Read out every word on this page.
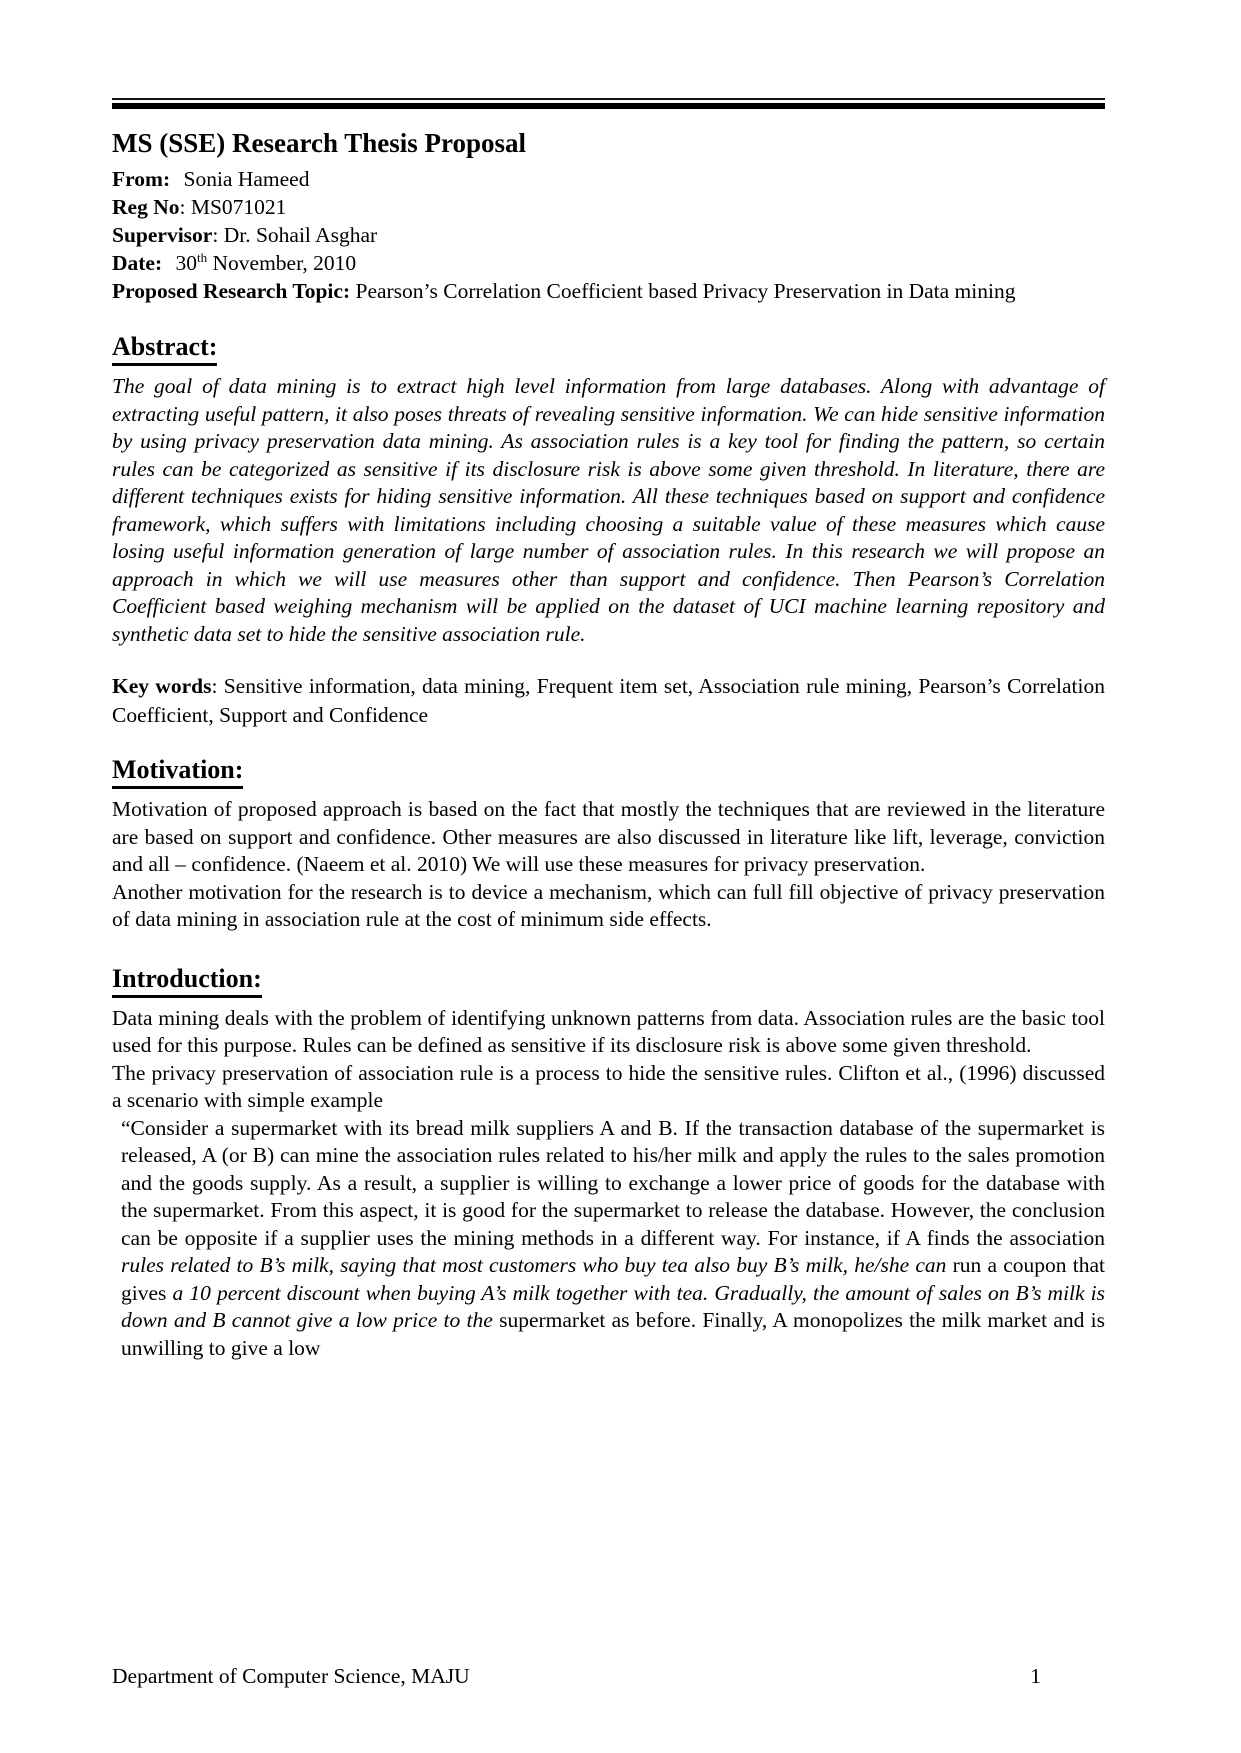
MS (SSE) Research Thesis Proposal
From: Sonia Hameed
Reg No: MS071021
Supervisor: Dr. Sohail Asghar
Date: 30th November, 2010
Proposed Research Topic: Pearson’s Correlation Coefficient based Privacy Preservation in Data mining
Abstract:
The goal of data mining is to extract high level information from large databases. Along with advantage of extracting useful pattern, it also poses threats of revealing sensitive information. We can hide sensitive information by using privacy preservation data mining. As association rules is a key tool for finding the pattern, so certain rules can be categorized as sensitive if its disclosure risk is above some given threshold. In literature, there are different techniques exists for hiding sensitive information. All these techniques based on support and confidence framework, which suffers with limitations including choosing a suitable value of these measures which cause losing useful information generation of large number of association rules. In this research we will propose an approach in which we will use measures other than support and confidence. Then Pearson’s Correlation Coefficient based weighing mechanism will be applied on the dataset of UCI machine learning repository and synthetic data set to hide the sensitive association rule.
Key words: Sensitive information, data mining, Frequent item set, Association rule mining, Pearson’s Correlation Coefficient, Support and Confidence
Motivation:

Motivation of proposed approach is based on the fact that mostly the techniques that are reviewed in the literature are based on support and confidence. Other measures are also discussed in literature like lift, leverage, conviction and all – confidence. (Naeem et al. 2010) We will use these measures for privacy preservation.

Another motivation for the research is to device a mechanism, which can full fill objective of privacy preservation of data mining in association rule at the cost of minimum side effects.

Introduction:

Data mining deals with the problem of identifying unknown patterns from data. Association rules are the basic tool used for this purpose. Rules can be defined as sensitive if its disclosure risk is above some given threshold.

The privacy preservation of association rule is a process to hide the sensitive rules. Clifton et al., (1996) discussed a scenario with simple example

“Consider a supermarket with its bread milk suppliers A and B. If the transaction database of the supermarket is released, A (or B) can mine the association rules related to his/her milk and apply the rules to the sales promotion and the goods supply. As a result, a supplier is willing to exchange a lower price of goods for the database with the supermarket. From this aspect, it is good for the supermarket to release the database. However, the conclusion can be opposite if a supplier uses the mining methods in a different way. For instance, if A finds the association rules related to B’s milk, saying that most customers who buy tea also buy B’s milk, he/she can run a coupon that gives a 10 percent discount when buying A’s milk together with tea. Gradually, the amount of sales on B’s milk is down and B cannot give a low price to the supermarket as before. Finally, A monopolizes the milk market and is unwilling to give a low

Department of Computer Science, MAJU	1
